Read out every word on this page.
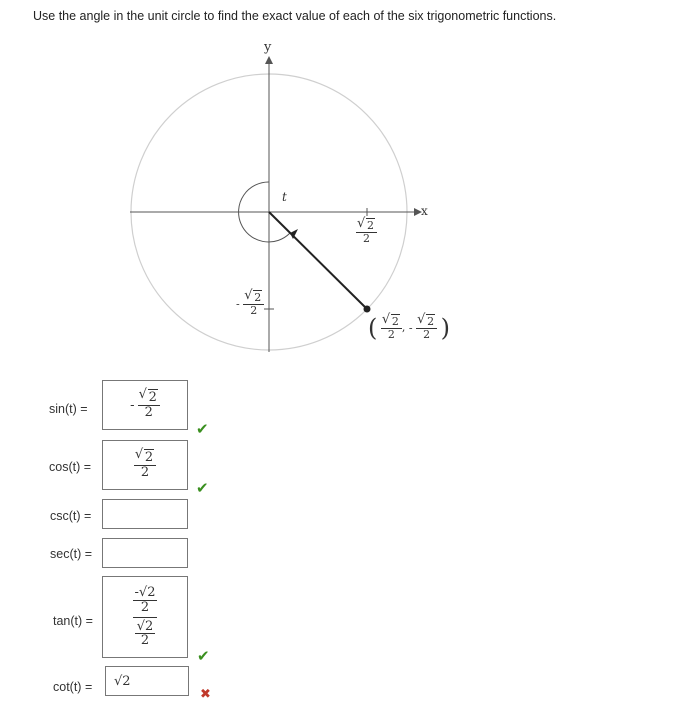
Use the angle in the unit circle to find the exact value of each of the six trigonometric functions.
y
x
t
√ $\frac{2}{2}$
- √ $\frac{2}{2}$
( √ $\frac{2}{2}$ , - √ $\frac{2}{2}$ )
sin(t) =	- √ $\frac{2}{2}$
✔
cos(t) =	√ $\frac{2}{2}$
✔
csc(t) =
sec(t) =
tan(t) =
$\frac{-√2}{2}$
$\frac{√2}{2}$
✔
cot(t) = √2
✖
